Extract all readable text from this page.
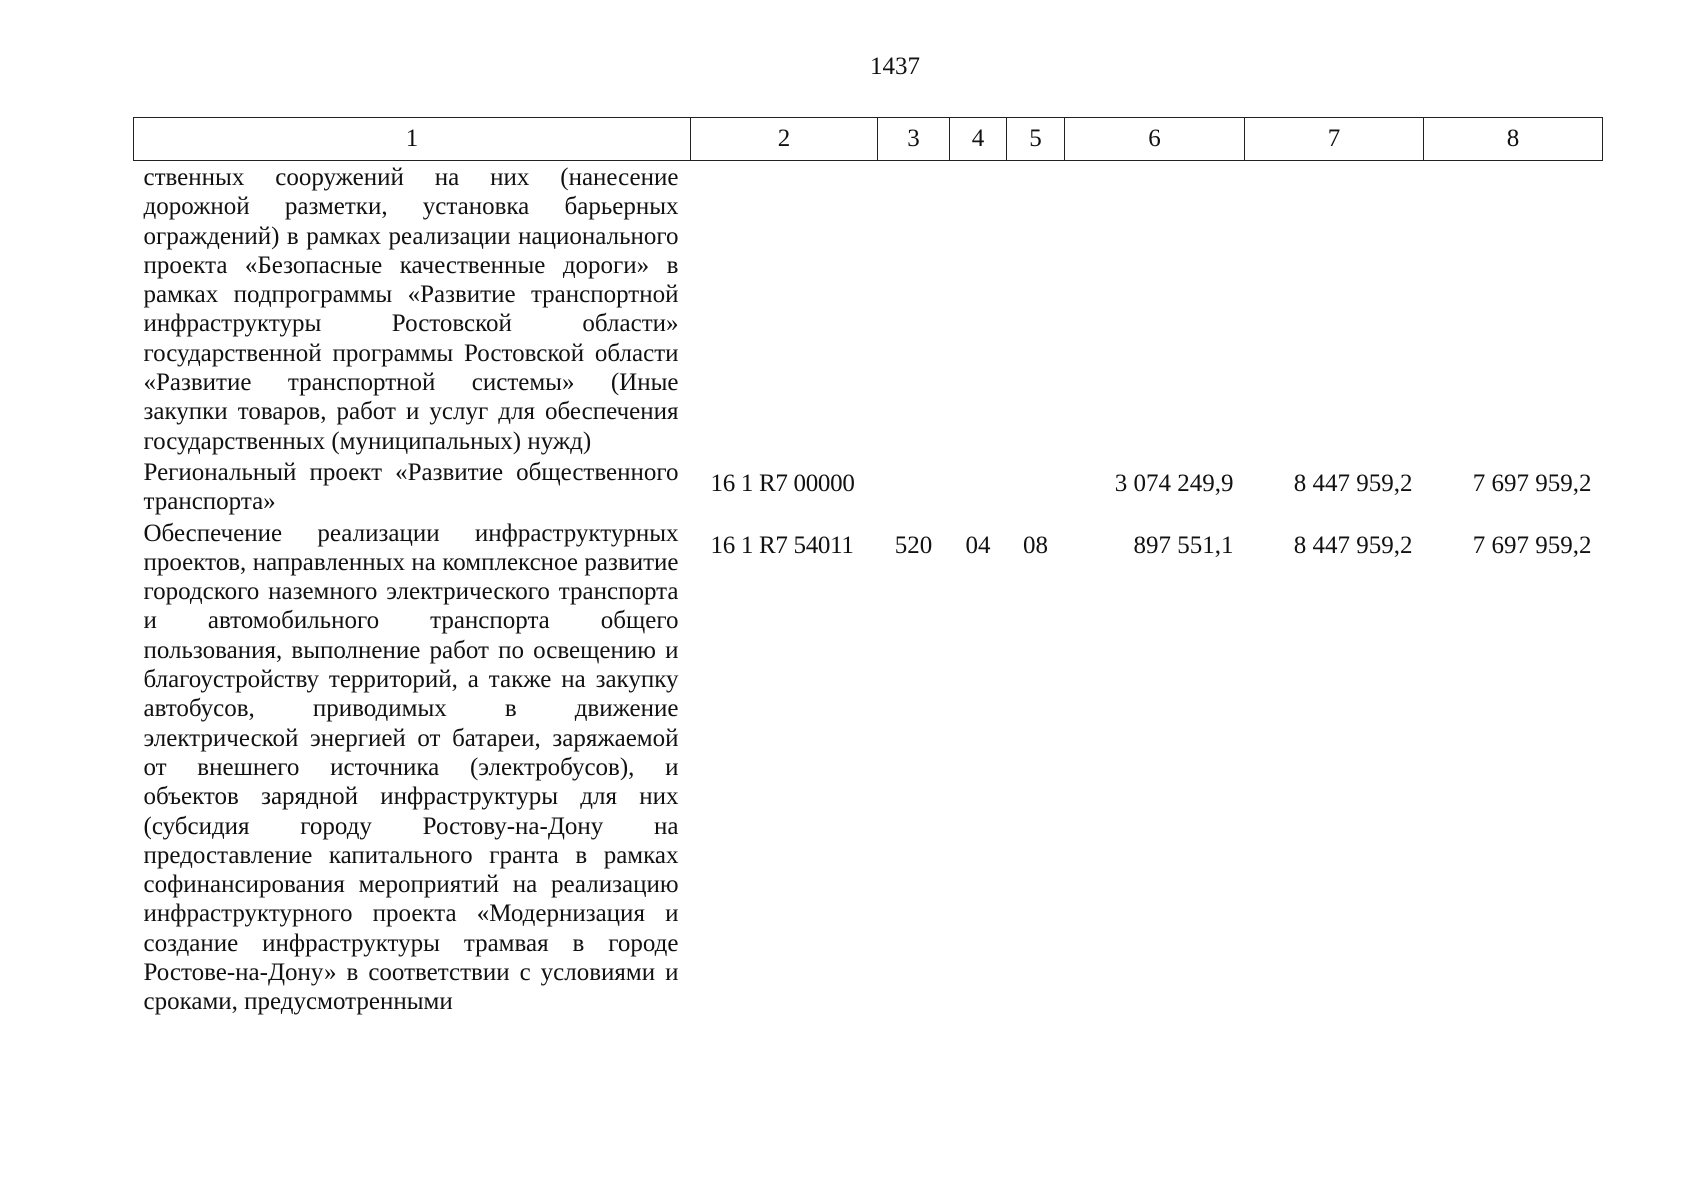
1437
1	2	3	4	5	6	7	8
ственных сооружений на них (нанесение дорожной разметки, установка барьерных ограждений) в рамках реализации национального проекта «Безопасные качественные дороги» в рамках подпрограммы «Развитие транспортной инфраструктуры Ростовской области» государственной программы Ростовской области «Развитие транспортной системы» (Иные закупки товаров, работ и услуг для обеспечения государственных (муниципальных) нужд)							
Региональный проект «Развитие общественного транспорта»	16 1 R7 00000				3 074 249,9	8 447 959,2	7 697 959,2
Обеспечение реализации инфраструктурных проектов, направленных на комплексное развитие городского наземного электрического транспорта и автомобильного транспорта общего пользования, выполнение работ по освещению и благоустройству территорий, а также на закупку автобусов, приводимых в движение электрической энергией от батареи, заряжаемой от внешнего источника (электробусов), и объектов зарядной инфраструктуры для них (субсидия городу Ростову-на-Дону на предоставление капитального гранта в рамках софинансирования мероприятий на реализацию инфраструктурного проекта «Модернизация и создание инфраструктуры трамвая в городе Ростове-на-Дону» в соответствии с условиями и сроками, предусмотренными	16 1 R7 54011	520	04	08	897 551,1	8 447 959,2	7 697 959,2
